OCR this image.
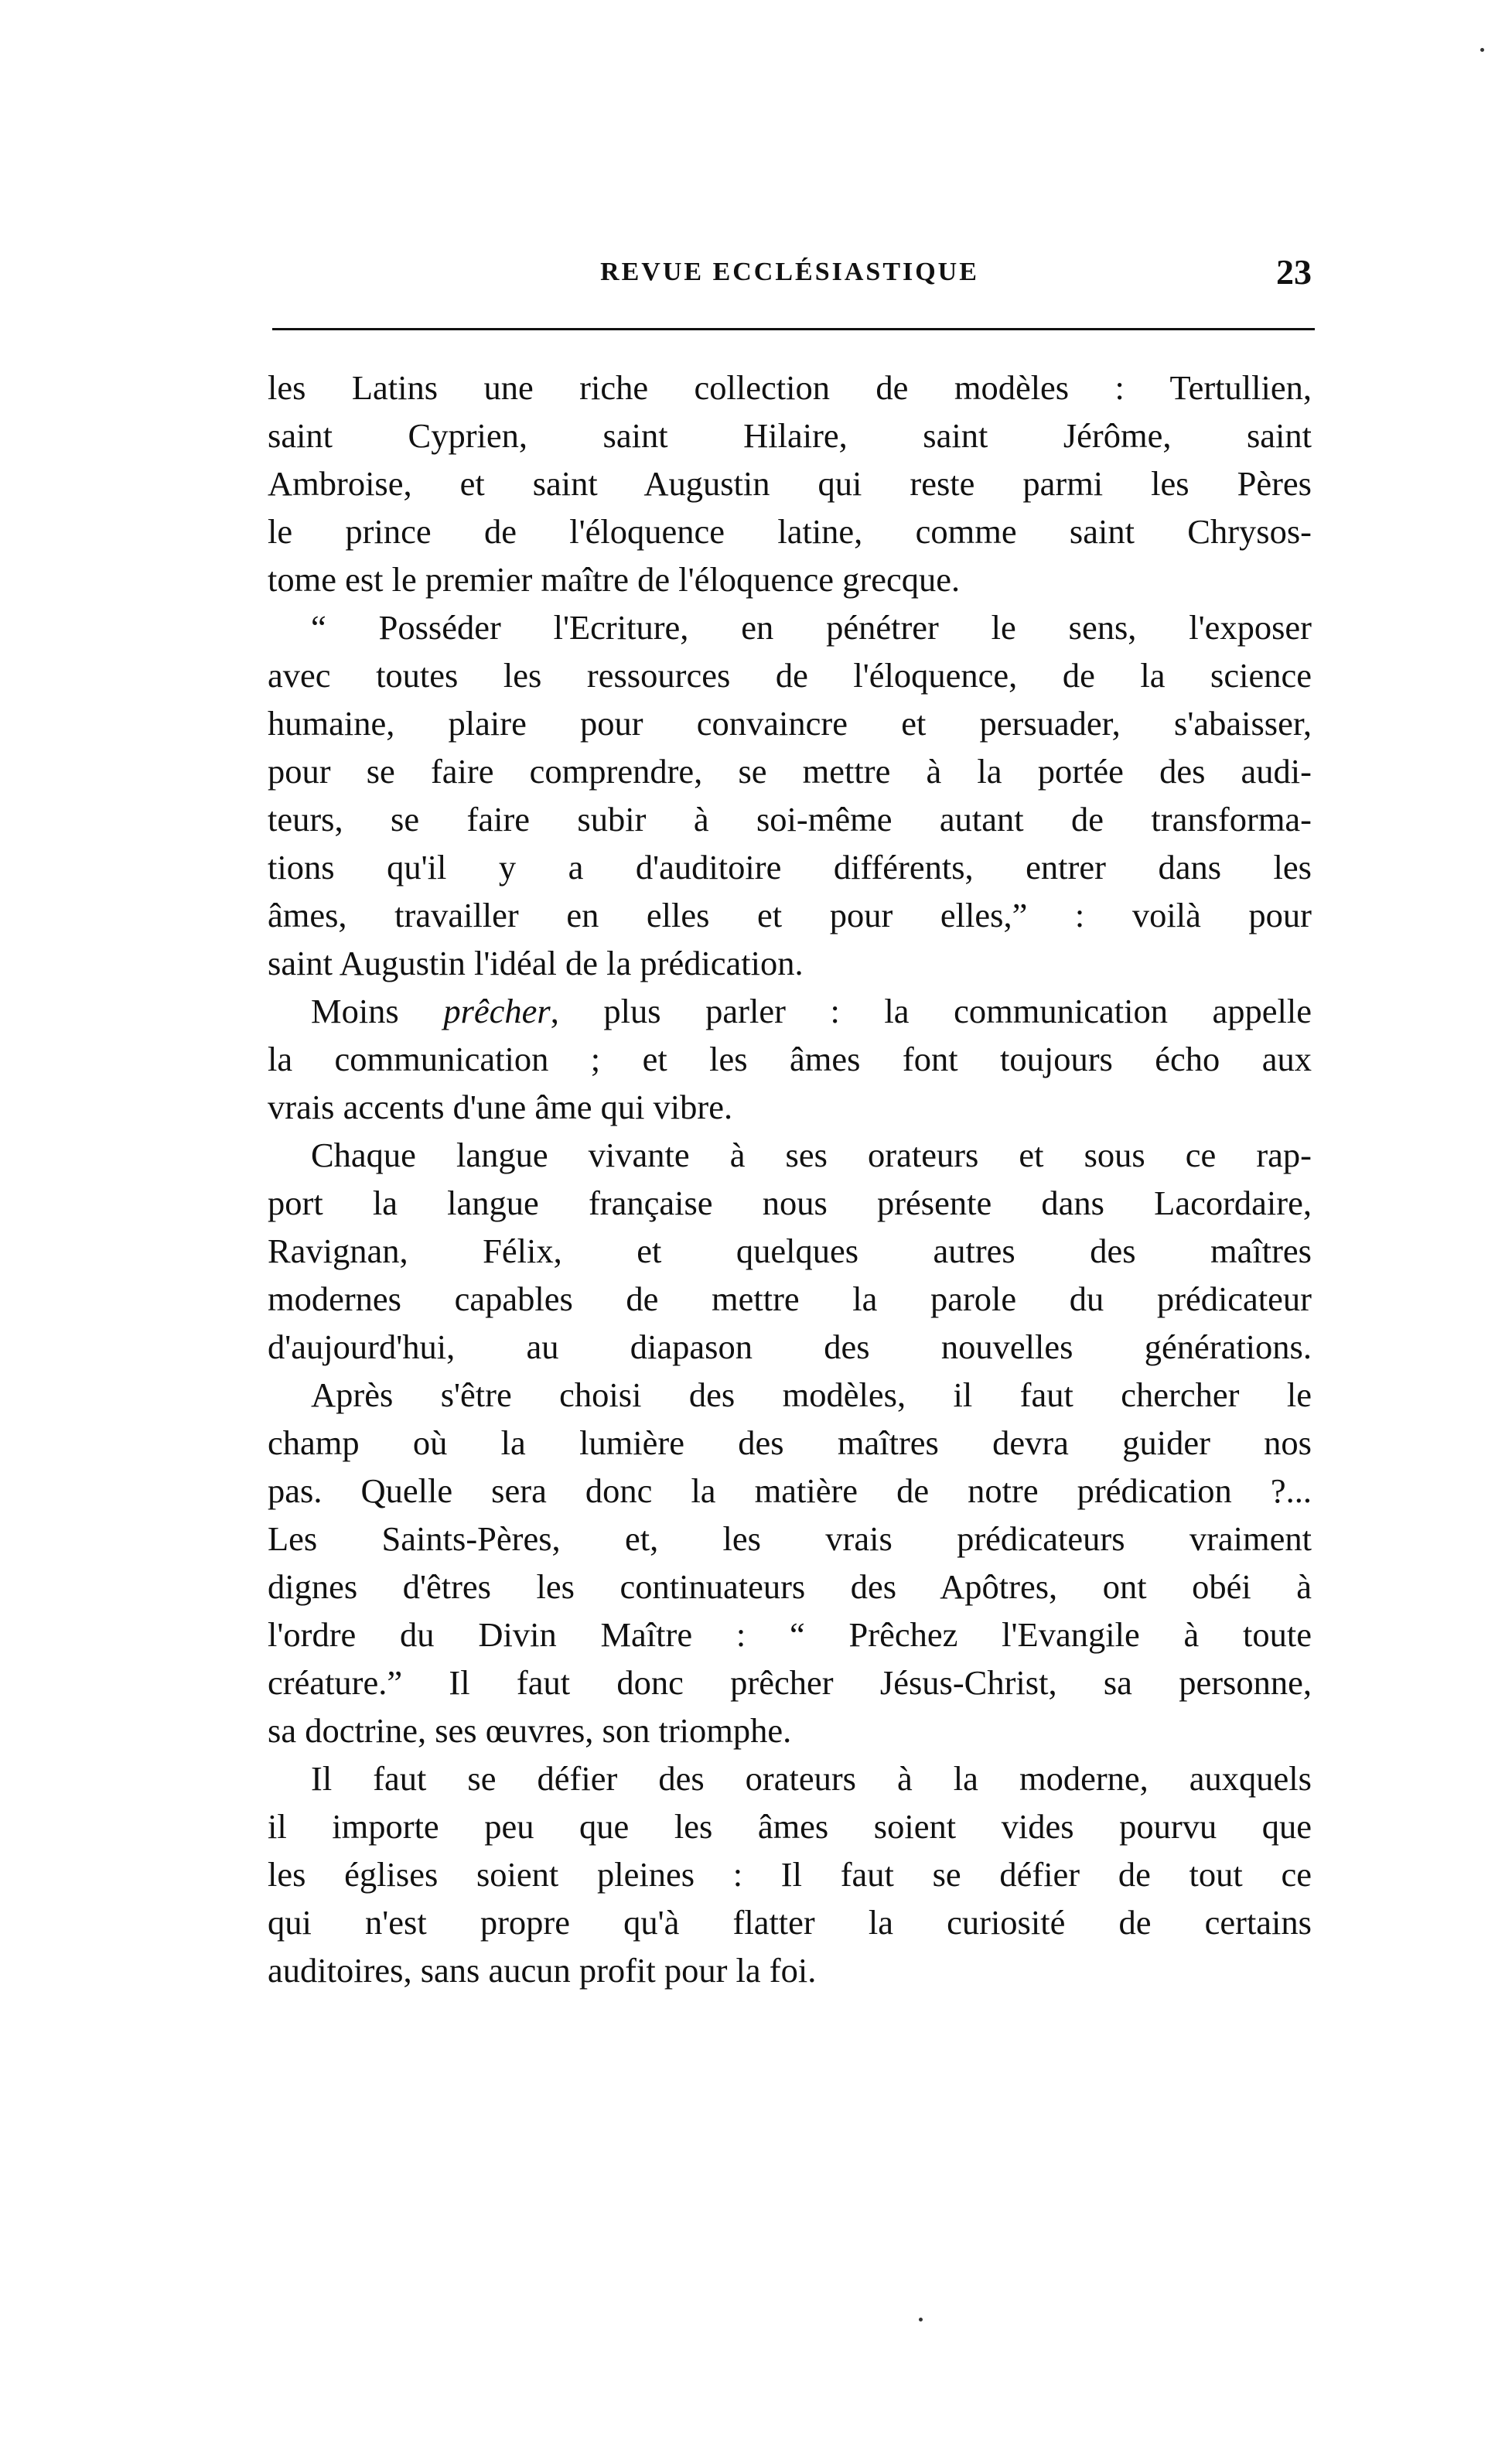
REVUE ECCLÉSIASTIQUE	23
les Latins une riche collection de modèles : Tertullien,
saint Cyprien, saint Hilaire, saint Jérôme, saint
Ambroise, et saint Augustin qui reste parmi les Pères
le prince de l'éloquence latine, comme saint Chrysos-
tome est le premier maître de l'éloquence grecque.
“ Posséder l'Ecriture, en pénétrer le sens, l'exposer
avec toutes les ressources de l'éloquence, de la science
humaine, plaire pour convaincre et persuader, s'abaisser,
pour se faire comprendre, se mettre à la portée des audi-
teurs, se faire subir à soi-même autant de transforma-
tions qu'il y a d'auditoire différents, entrer dans les
âmes, travailler en elles et pour elles,” : voilà pour
saint Augustin l'idéal de la prédication.
Moins prêcher, plus parler : la communication appelle
la communication ; et les âmes font toujours écho aux
vrais accents d'une âme qui vibre.
Chaque langue vivante à ses orateurs et sous ce rap-
port la langue française nous présente dans Lacordaire,
Ravignan, Félix, et quelques autres des maîtres
modernes capables de mettre la parole du prédicateur
d'aujourd'hui, au diapason des nouvelles générations.
Après s'être choisi des modèles, il faut chercher le
champ où la lumière des maîtres devra guider nos
pas. Quelle sera donc la matière de notre prédication ?...
Les Saints-Pères, et, les vrais prédicateurs vraiment
dignes d'êtres les continuateurs des Apôtres, ont obéi à
l'ordre du Divin Maître : “ Prêchez l'Evangile à toute
créature.” Il faut donc prêcher Jésus-Christ, sa personne,
sa doctrine, ses œuvres, son triomphe.
Il faut se défier des orateurs à la moderne, auxquels
il importe peu que les âmes soient vides pourvu que
les églises soient pleines : Il faut se défier de tout ce
qui n'est propre qu'à flatter la curiosité de certains
auditoires, sans aucun profit pour la foi.
